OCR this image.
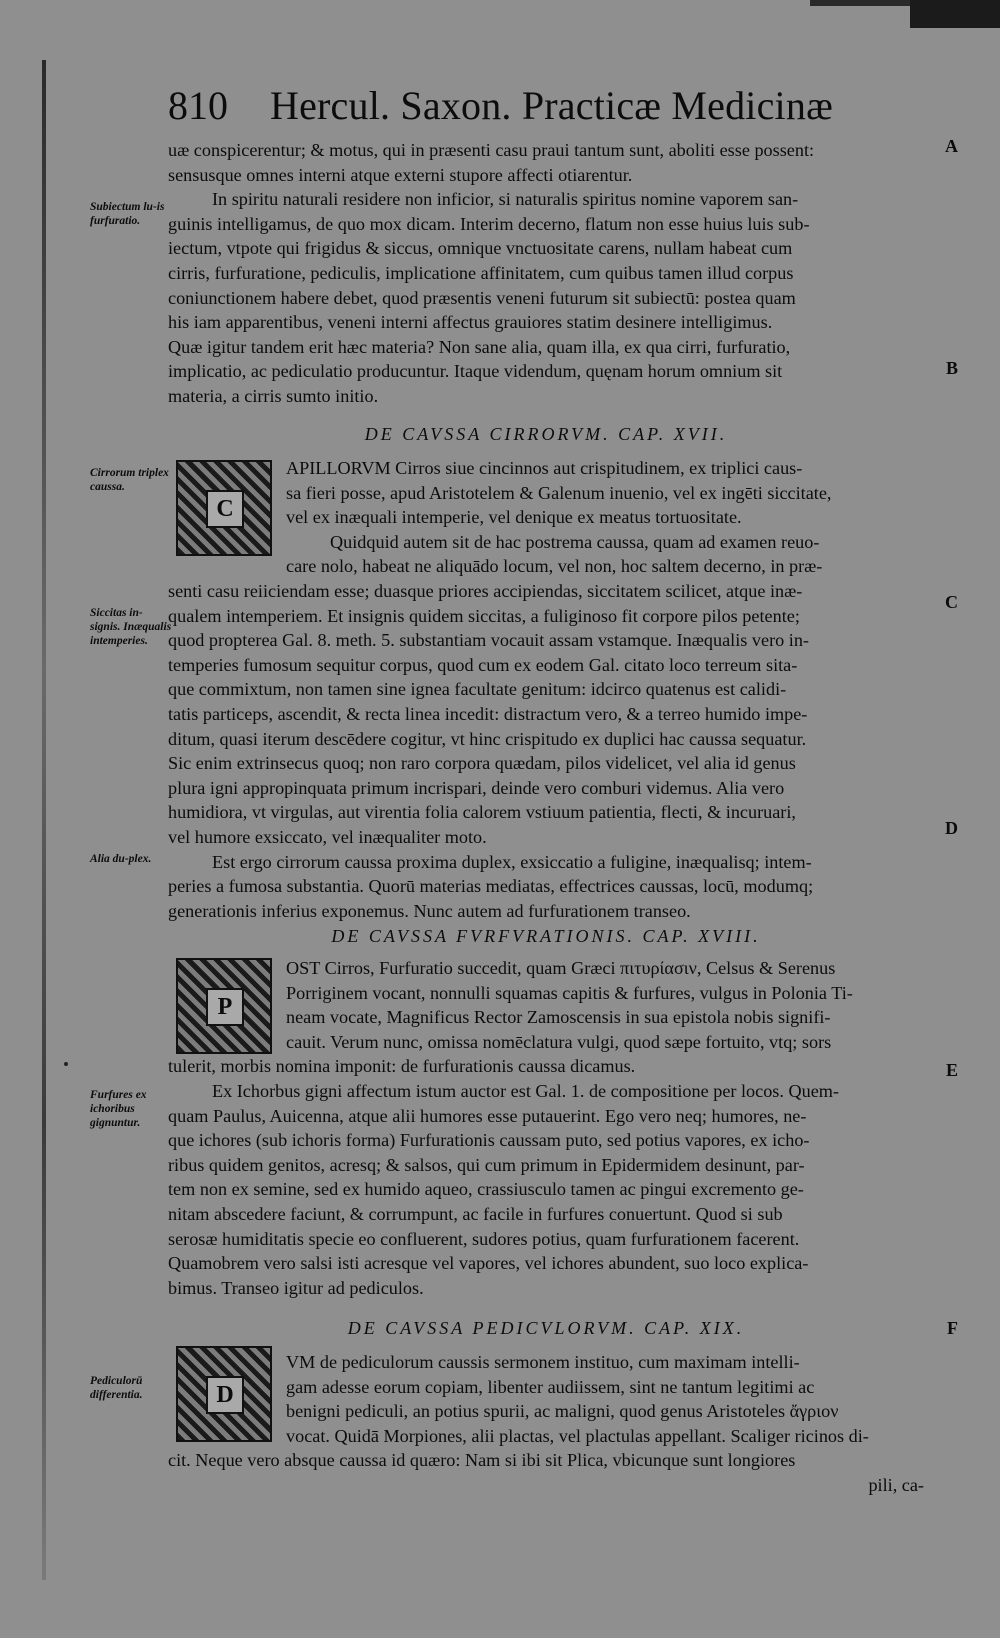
810 Hercul. Saxon. Practicæ Medicinæ
uæ conspicerentur; & motus, qui in præsenti casu praui tantum sunt, aboliti esse possent:
sensusque omnes interni atque externi stupore affecti otiarentur.
In spiritu naturali residere non inficior, si naturalis spiritus nomine vaporem san-
guinis intelligamus, de quo mox dicam. Interim decerno, flatum non esse huius luis sub-
iectum, vtpote qui frigidus & siccus, omnique vnctuositate carens, nullam habeat cum
cirris, furfuratione, pediculis, implicatione affinitatem, cum quibus tamen illud corpus
coniunctionem habere debet, quod præsentis veneni futurum sit subiectū: postea quam
his iam apparentibus, veneni interni affectus grauiores statim desinere intelligimus.
Quæ igitur tandem erit hæc materia? Non sane alia, quam illa, ex qua cirri, furfuratio,
implicatio, ac pediculatio producuntur. Itaque videndum, quęnam horum omnium sit
materia, a cirris sumto initio.
DE CAVSSA CIRRORVM. CAP. XVII.
C
APILLORVM Cirros siue cincinnos aut crispitudinem, ex triplici caus-
sa fieri posse, apud Aristotelem & Galenum inuenio, vel ex ingēti siccitate,
vel ex inæquali intemperie, vel denique ex meatus tortuositate.
Quidquid autem sit de hac postrema caussa, quam ad examen reuo-
care nolo, habeat ne aliquādo locum, vel non, hoc saltem decerno, in præ-
senti casu reiiciendam esse; duasque priores accipiendas, siccitatem scilicet, atque inæ-
qualem intemperiem. Et insignis quidem siccitas, a fuliginoso fit corpore pilos petente;
quod propterea Gal. 8. meth. 5. substantiam vocauit assam vstamque. Inæqualis vero in-
temperies fumosum sequitur corpus, quod cum ex eodem Gal. citato loco terreum sita-
que commixtum, non tamen sine ignea facultate genitum: idcirco quatenus est calidi-
tatis particeps, ascendit, & recta linea incedit: distractum vero, & a terreo humido impe-
ditum, quasi iterum descēdere cogitur, vt hinc crispitudo ex duplici hac caussa sequatur.
Sic enim extrinsecus quoq; non raro corpora quædam, pilos videlicet, vel alia id genus
plura igni appropinquata primum incrispari, deinde vero comburi videmus. Alia vero
humidiora, vt virgulas, aut virentia folia calorem vstiuum patientia, flecti, & incuruari,
vel humore exsiccato, vel inæqualiter moto.
Est ergo cirrorum caussa proxima duplex, exsiccatio a fuligine, inæqualisq; intem-
peries a fumosa substantia. Quorū materias mediatas, effectrices caussas, locū, modumq;
generationis inferius exponemus. Nunc autem ad furfurationem transeo.
DE CAVSSA FVRFVRATIONIS. CAP. XVIII.
P
OST Cirros, Furfuratio succedit, quam Græci πιτυρίασιν, Celsus & Serenus
Porriginem vocant, nonnulli squamas capitis & furfures, vulgus in Polonia Ti-
neam vocate, Magnificus Rector Zamoscensis in sua epistola nobis signifi-
cauit. Verum nunc, omissa nomēclatura vulgi, quod sæpe fortuito, vtq; sors
tulerit, morbis nomina imponit: de furfurationis caussa dicamus.
Ex Ichorbus gigni affectum istum auctor est Gal. 1. de compositione per locos. Quem-
quam Paulus, Auicenna, atque alii humores esse putauerint. Ego vero neq; humores, ne-
que ichores (sub ichoris forma) Furfurationis caussam puto, sed potius vapores, ex icho-
ribus quidem genitos, acresq; & salsos, qui cum primum in Epidermidem desinunt, par-
tem non ex semine, sed ex humido aqueo, crassiusculo tamen ac pingui excremento ge-
nitam abscedere faciunt, & corrumpunt, ac facile in furfures conuertunt. Quod si sub
serosæ humiditatis specie eo confluerent, sudores potius, quam furfurationem facerent.
Quamobrem vero salsi isti acresque vel vapores, vel ichores abundent, suo loco explica-
bimus. Transeo igitur ad pediculos.
DE CAVSSA PEDICVLORVM. CAP. XIX.
D
VM de pediculorum caussis sermonem instituo, cum maximam intelli-
gam adesse eorum copiam, libenter audiissem, sint ne tantum legitimi ac
benigni pediculi, an potius spurii, ac maligni, quod genus Aristoteles ἄγριον
vocat. Quidā Morpiones, alii plactas, vel plactulas appellant. Scaliger ricinos di-
cit. Neque vero absque caussa id quæro: Nam si ibi sit Plica, vbicunque sunt longiores
pili, ca-
Subiectum lu-is furfuratio.
Cirrorum triplex caussa.
Siccitas in-signis. Inæqualis intemperies.
Alia du-plex.
Furfures ex ichoribus gignuntur.
Pediculorū differentia.
A
B
C
D
E
F
